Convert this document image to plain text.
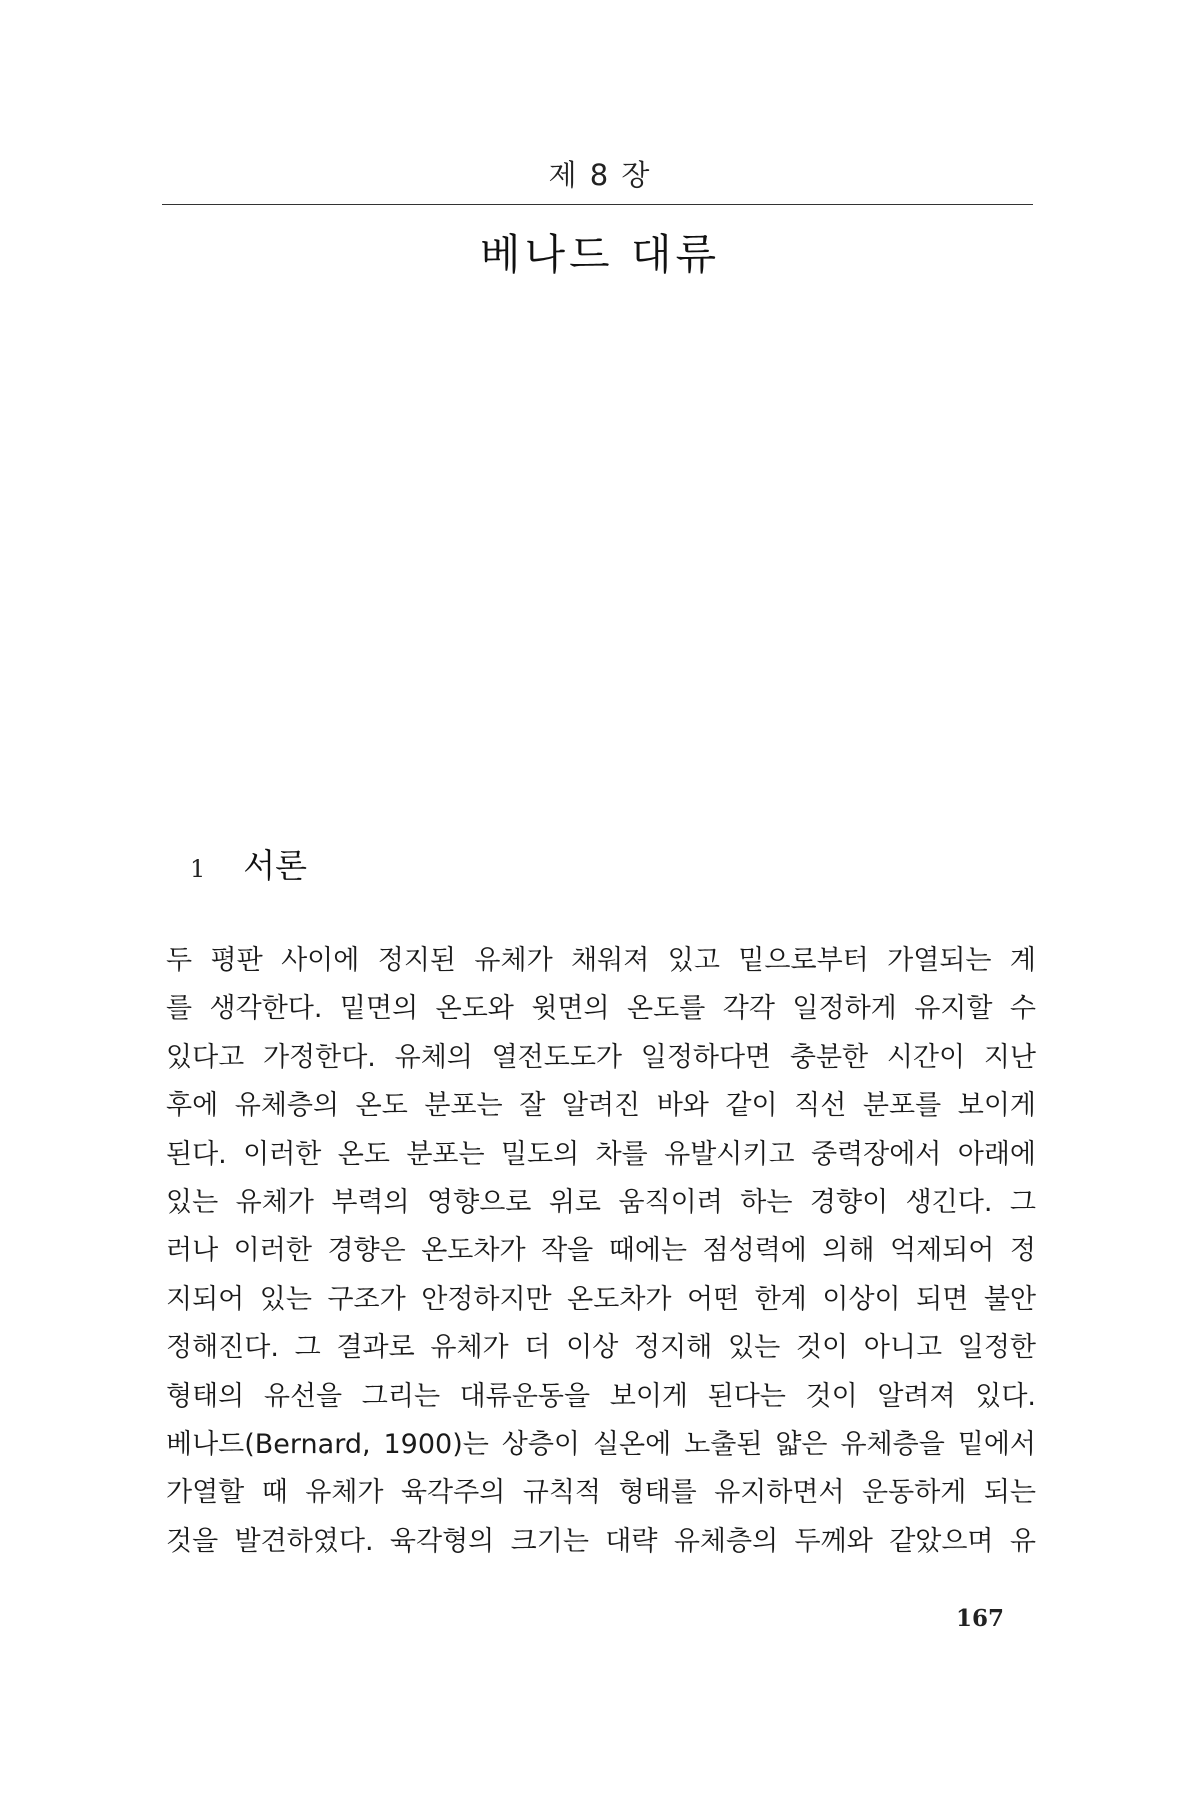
제 8 장
베나드 대류
1 서론
두 평판 사이에 정지된 유체가 채워져 있고 밑으로부터 가열되는 계
를 생각한다. 밑면의 온도와 윗면의 온도를 각각 일정하게 유지할 수
있다고 가정한다. 유체의 열전도도가 일정하다면 충분한 시간이 지난
후에 유체층의 온도 분포는 잘 알려진 바와 같이 직선 분포를 보이게
된다. 이러한 온도 분포는 밀도의 차를 유발시키고 중력장에서 아래에
있는 유체가 부력의 영향으로 위로 움직이려 하는 경향이 생긴다. 그
러나 이러한 경향은 온도차가 작을 때에는 점성력에 의해 억제되어 정
지되어 있는 구조가 안정하지만 온도차가 어떤 한계 이상이 되면 불안
정해진다. 그 결과로 유체가 더 이상 정지해 있는 것이 아니고 일정한
형태의 유선을 그리는 대류운동을 보이게 된다는 것이 알려져 있다.
베나드(Bernard, 1900)는 상층이 실온에 노출된 얇은 유체층을 밑에서
가열할 때 유체가 육각주의 규칙적 형태를 유지하면서 운동하게 되는
것을 발견하였다. 육각형의 크기는 대략 유체층의 두께와 같았으며 유
167
